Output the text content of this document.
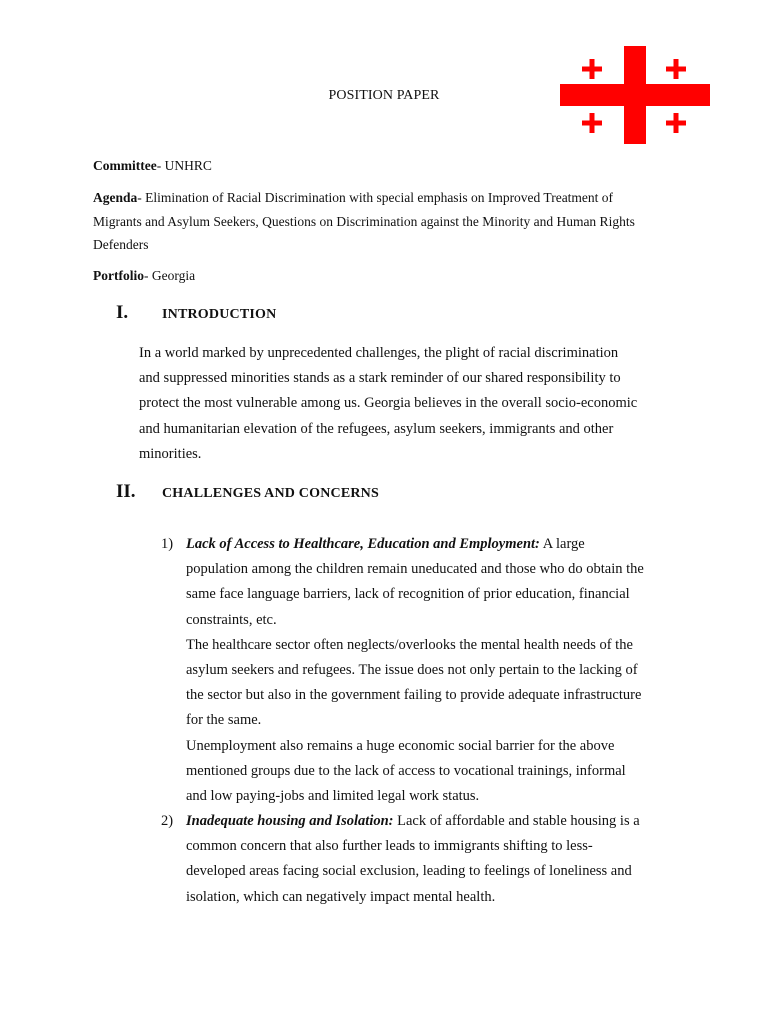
POSITION PAPER
Committee- UNHRC
Agenda- Elimination of Racial Discrimination with special emphasis on Improved Treatment of
Migrants and Asylum Seekers, Questions on Discrimination against the Minority and Human Rights
Defenders
Portfolio- Georgia
I.	INTRODUCTION
In a world marked by unprecedented challenges, the plight of racial discrimination
and suppressed minorities stands as a stark reminder of our shared responsibility to
protect the most vulnerable among us. Georgia believes in the overall socio-economic
and humanitarian elevation of the refugees, asylum seekers, immigrants and other
minorities.
II.	CHALLENGES AND CONCERNS
1) Lack of Access to Healthcare, Education and Employment: A large
population among the children remain uneducated and those who do obtain the
same face language barriers, lack of recognition of prior education, financial
constraints, etc.
The healthcare sector often neglects/overlooks the mental health needs of the
asylum seekers and refugees. The issue does not only pertain to the lacking of
the sector but also in the government failing to provide adequate infrastructure
for the same.
Unemployment also remains a huge economic social barrier for the above
mentioned groups due to the lack of access to vocational trainings, informal
and low paying-jobs and limited legal work status.
2) Inadequate housing and Isolation: Lack of affordable and stable housing is a
common concern that also further leads to immigrants shifting to less-
developed areas facing social exclusion, leading to feelings of loneliness and
isolation, which can negatively impact mental health.
